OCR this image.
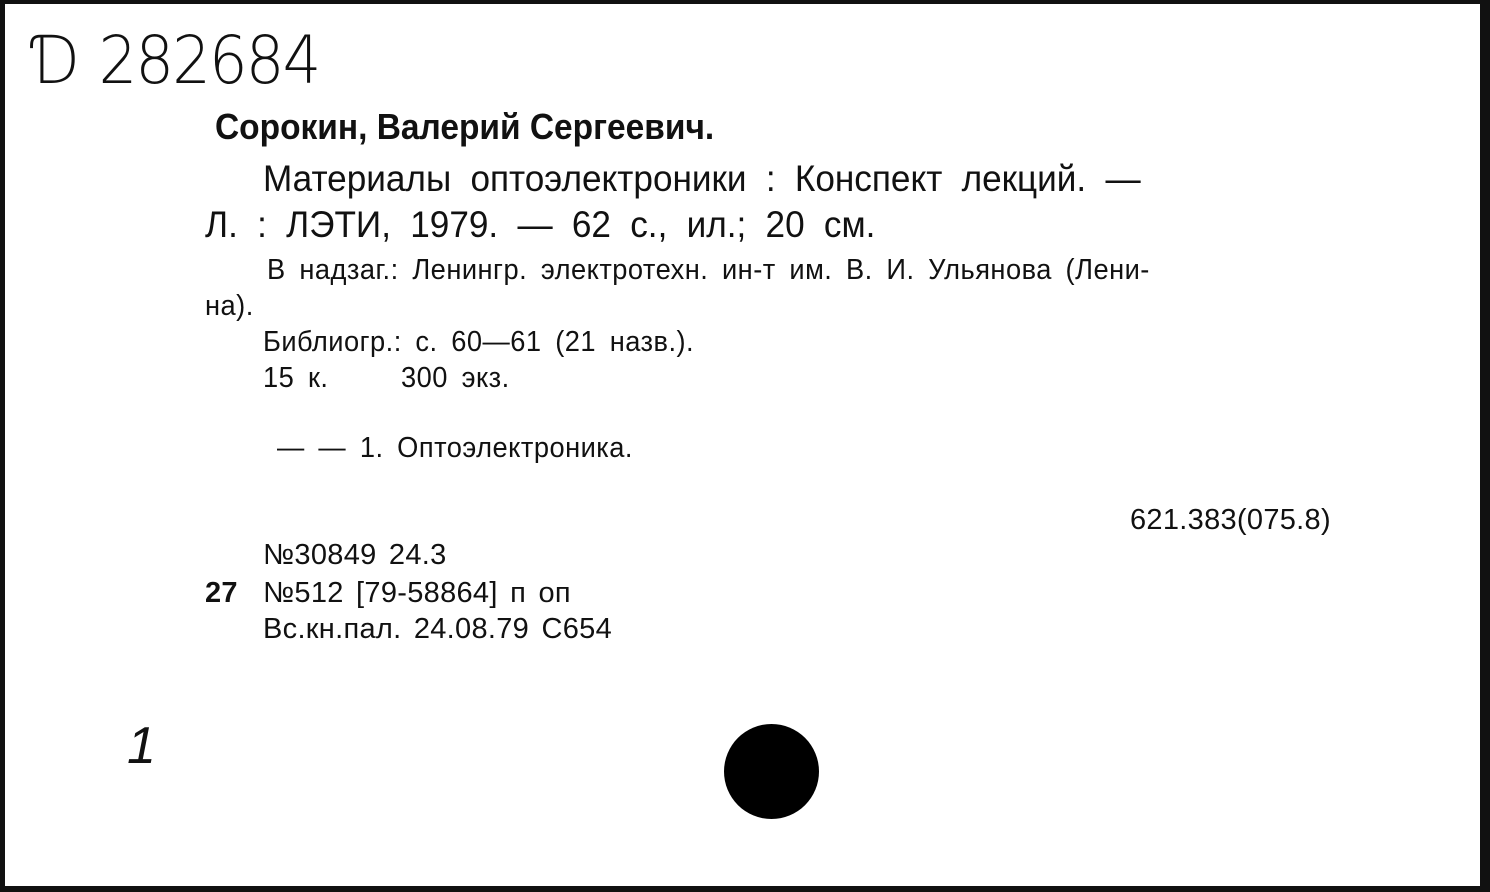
Ɗ 282684
Сорокин, Валерий Сергеевич.
Материалы оптоэлектроники : Конспект лекций. —
Л. : ЛЭТИ, 1979. — 62 с., ил.; 20 см.
В надзаг.: Ленингр. электротехн. ин-т им. В. И. Ульянова (Лени-
на).
Библиогр.: с. 60—61 (21 назв.).
15 к.	300 экз.
— — 1. Оптоэлектроника.
621.383(075.8)
№30849 24.3
27 №512 [79-58864] п оп
Вс.кн.пал. 24.08.79 С654
1
